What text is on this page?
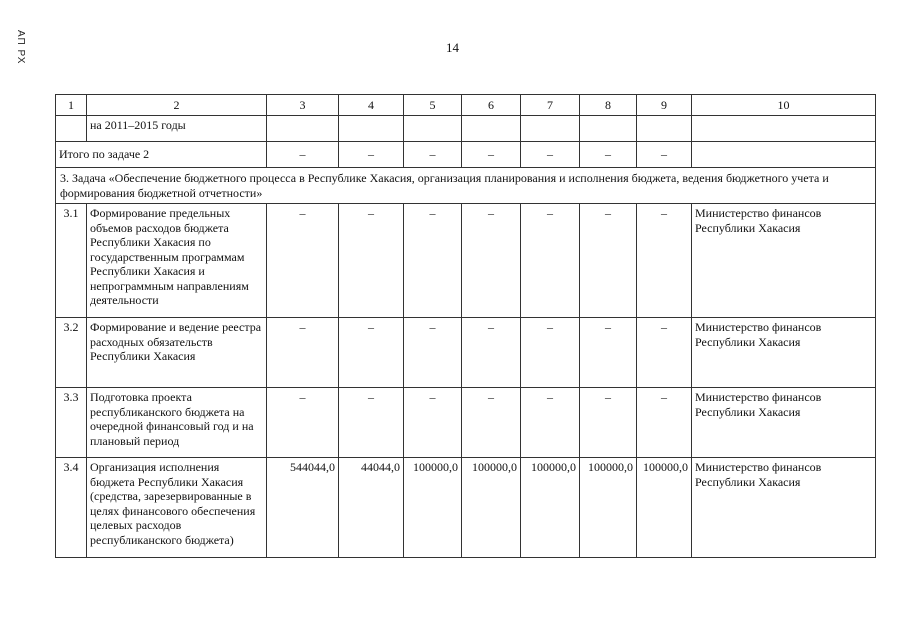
АП РХ	14
1	2	3	4	5	6	7	8	9	10
	на 2011–2015 годы								
Итого по задаче 2		–	–	–	–	–	–	–	
3. Задача «Обеспечение бюджетного процесса в Республике Хакасия, организация планирования и исполнения бюджета, ведения бюджетного учета и формирования бюджетной отчетности»									
3.1	Формирование предельных объемов расходов бюджета Республики Хакасия по государственным программам Республики Хакасия и непрограммным направлениям деятельности	–	–	–	–	–	–	–	Министерство финансов Республики Хакасия
3.2	Формирование и ведение реестра расходных обязательств Республики Хакасия	–	–	–	–	–	–	–	Министерство финансов Республики Хакасия
3.3	Подготовка проекта республиканского бюджета на очередной финансовый год и на плановый период	–	–	–	–	–	–	–	Министерство финансов Республики Хакасия
3.4	Организация исполнения бюджета Республики Хакасия (средства, зарезервированные в целях финансового обеспечения целевых расходов республиканского бюджета)	544044,0	44044,0	100000,0	100000,0	100000,0	100000,0	100000,0	Министерство финансов Республики Хакасия
